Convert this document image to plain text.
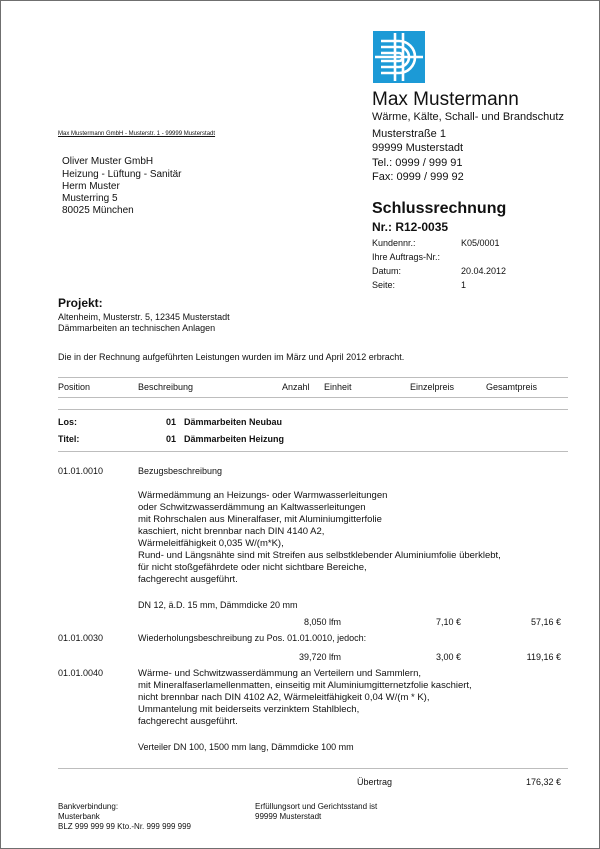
Max Mustermann
Wärme, Kälte, Schall- und Brandschutz
Musterstraße 1
99999 Musterstadt
Tel.: 0999 / 999 91
Fax: 0999 / 999 92
Max Mustermann GmbH - Musterstr. 1 - 99999 Musterstadt
Oliver Muster GmbH
Heizung - Lüftung - Sanitär
Herm Muster
Musterring 5
80025 München	Schlussrechnung
Nr.: R12-0035
Kundennr.:	K05/0001
Ihre Auftrags-Nr.:
Datum:	20.04.2012
Seite:	1
Projekt:
Altenheim, Musterstr. 5, 12345 Musterstadt
Dämmarbeiten an technischen Anlagen
Die in der Rechnung aufgeführten Leistungen wurden im März und April 2012 erbracht.
Position	Beschreibung	Anzahl Einheit	Einzelpreis	Gesamtpreis
Los:	01 Dämmarbeiten Neubau
Titel:	01 Dämmarbeiten Heizung
01.01.0010	Bezugsbeschreibung
Wärmedämmung an Heizungs- oder Warmwasserleitungen
oder Schwitzwasserdämmung an Kaltwasserleitungen
mit Rohrschalen aus Mineralfaser, mit Aluminiumgitterfolie
kaschiert, nicht brennbar nach DIN 4140 A2,
Wärmeleitfähigkeit 0,035 W/(m*K),
Rund- und Längsnähte sind mit Streifen aus selbstklebender Aluminiumfolie überklebt,
für nicht stoßgefährdete oder nicht sichtbare Bereiche,
fachgerecht ausgeführt.
DN 12, ä.D. 15 mm, Dämmdicke 20 mm
8,050 lfm	7,10 €	57,16 €
01.01.0030	Wiederholungsbeschreibung zu Pos. 01.01.0010, jedoch:
39,720 lfm	3,00 €	119,16 €
01.01.0040	Wärme- und Schwitzwasserdämmung an Verteilern und Sammlern,
mit Mineralfaserlamellenmatten, einseitig mit Aluminiumgitternetzfolie kaschiert,
nicht brennbar nach DIN 4102 A2, Wärmeleitfähigkeit 0,04 W/(m * K),
Ummantelung mit beiderseits verzinktem Stahlblech,
fachgerecht ausgeführt.
Verteiler DN 100, 1500 mm lang, Dämmdicke 100 mm
Übertrag	176,32 €
Bankverbindung:
Musterbank
BLZ 999 999 99 Kto.-Nr. 999 999 999
Erfüllungsort und Gerichtsstand ist
99999 Musterstadt
